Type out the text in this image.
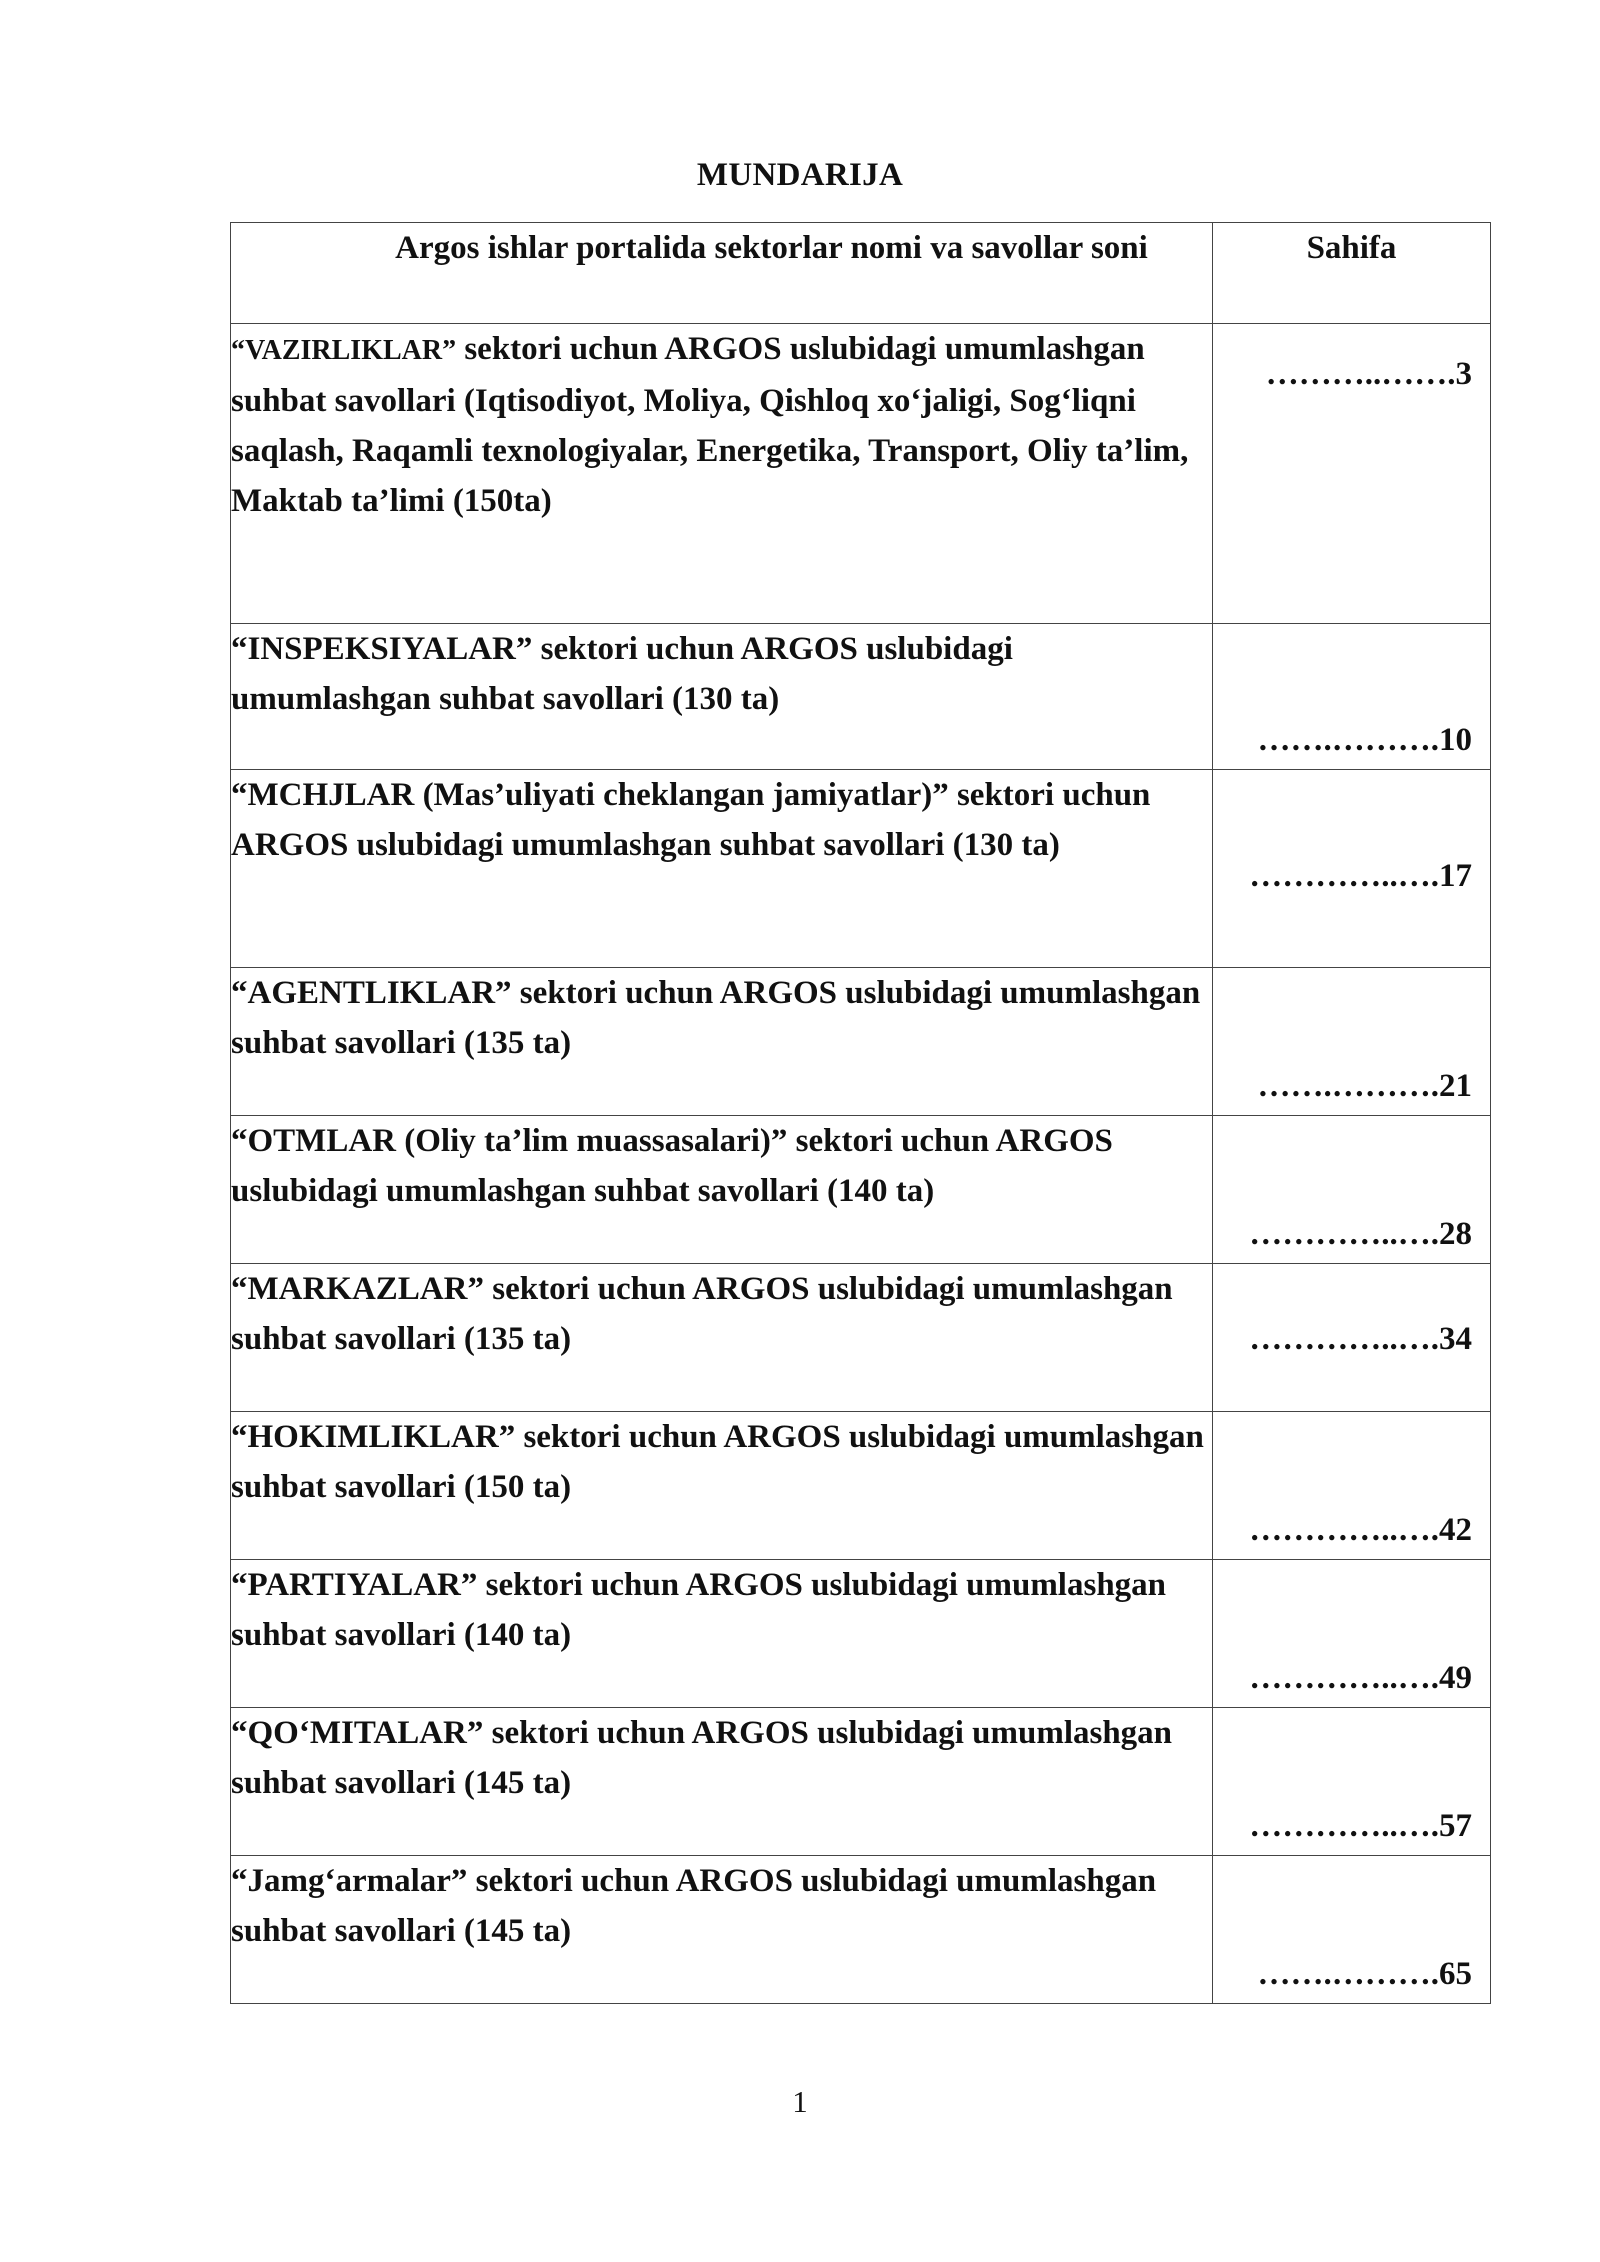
MUNDARIJA
Argos ishlar portalida sektorlar nomi va savollar soni	Sahifa

“VAZIRLIKLAR” sektori uchun ARGOS uslubidagi umumlashgan suhbat savollari (Iqtisodiyot, Moliya, Qishloq xo‘jaligi, Sog‘liqni saqlash, Raqamli texnologiyalar, Energetika, Transport, Oliy ta’lim, Maktab ta’limi (150ta)	………..…….3

“INSPEKSIYALAR” sektori uchun ARGOS uslubidagi umumlashgan suhbat savollari (130 ta)	…….……….10

“MCHJLAR (Mas’uliyati cheklangan jamiyatlar)” sektori uchun ARGOS uslubidagi umumlashgan suhbat savollari (130 ta)	…………..….17

“AGENTLIKLAR” sektori uchun ARGOS uslubidagi umumlashgan suhbat savollari (135 ta)	…….……….21

“OTMLAR (Oliy ta’lim muassasalari)” sektori uchun ARGOS uslubidagi umumlashgan suhbat savollari (140 ta)	…………..….28

“MARKAZLAR” sektori uchun ARGOS uslubidagi umumlashgan suhbat savollari (135 ta)	…………..….34

“HOKIMLIKLAR” sektori uchun ARGOS uslubidagi umumlashgan suhbat savollari (150 ta)	…………..….42

“PARTIYALAR” sektori uchun ARGOS uslubidagi umumlashgan suhbat savollari (140 ta)	…………..….49

“QO‘MITALAR” sektori uchun ARGOS uslubidagi umumlashgan suhbat savollari (145 ta)	…………..….57

“Jamg‘armalar” sektori uchun ARGOS uslubidagi umumlashgan suhbat savollari (145 ta)	…….……….65
1
